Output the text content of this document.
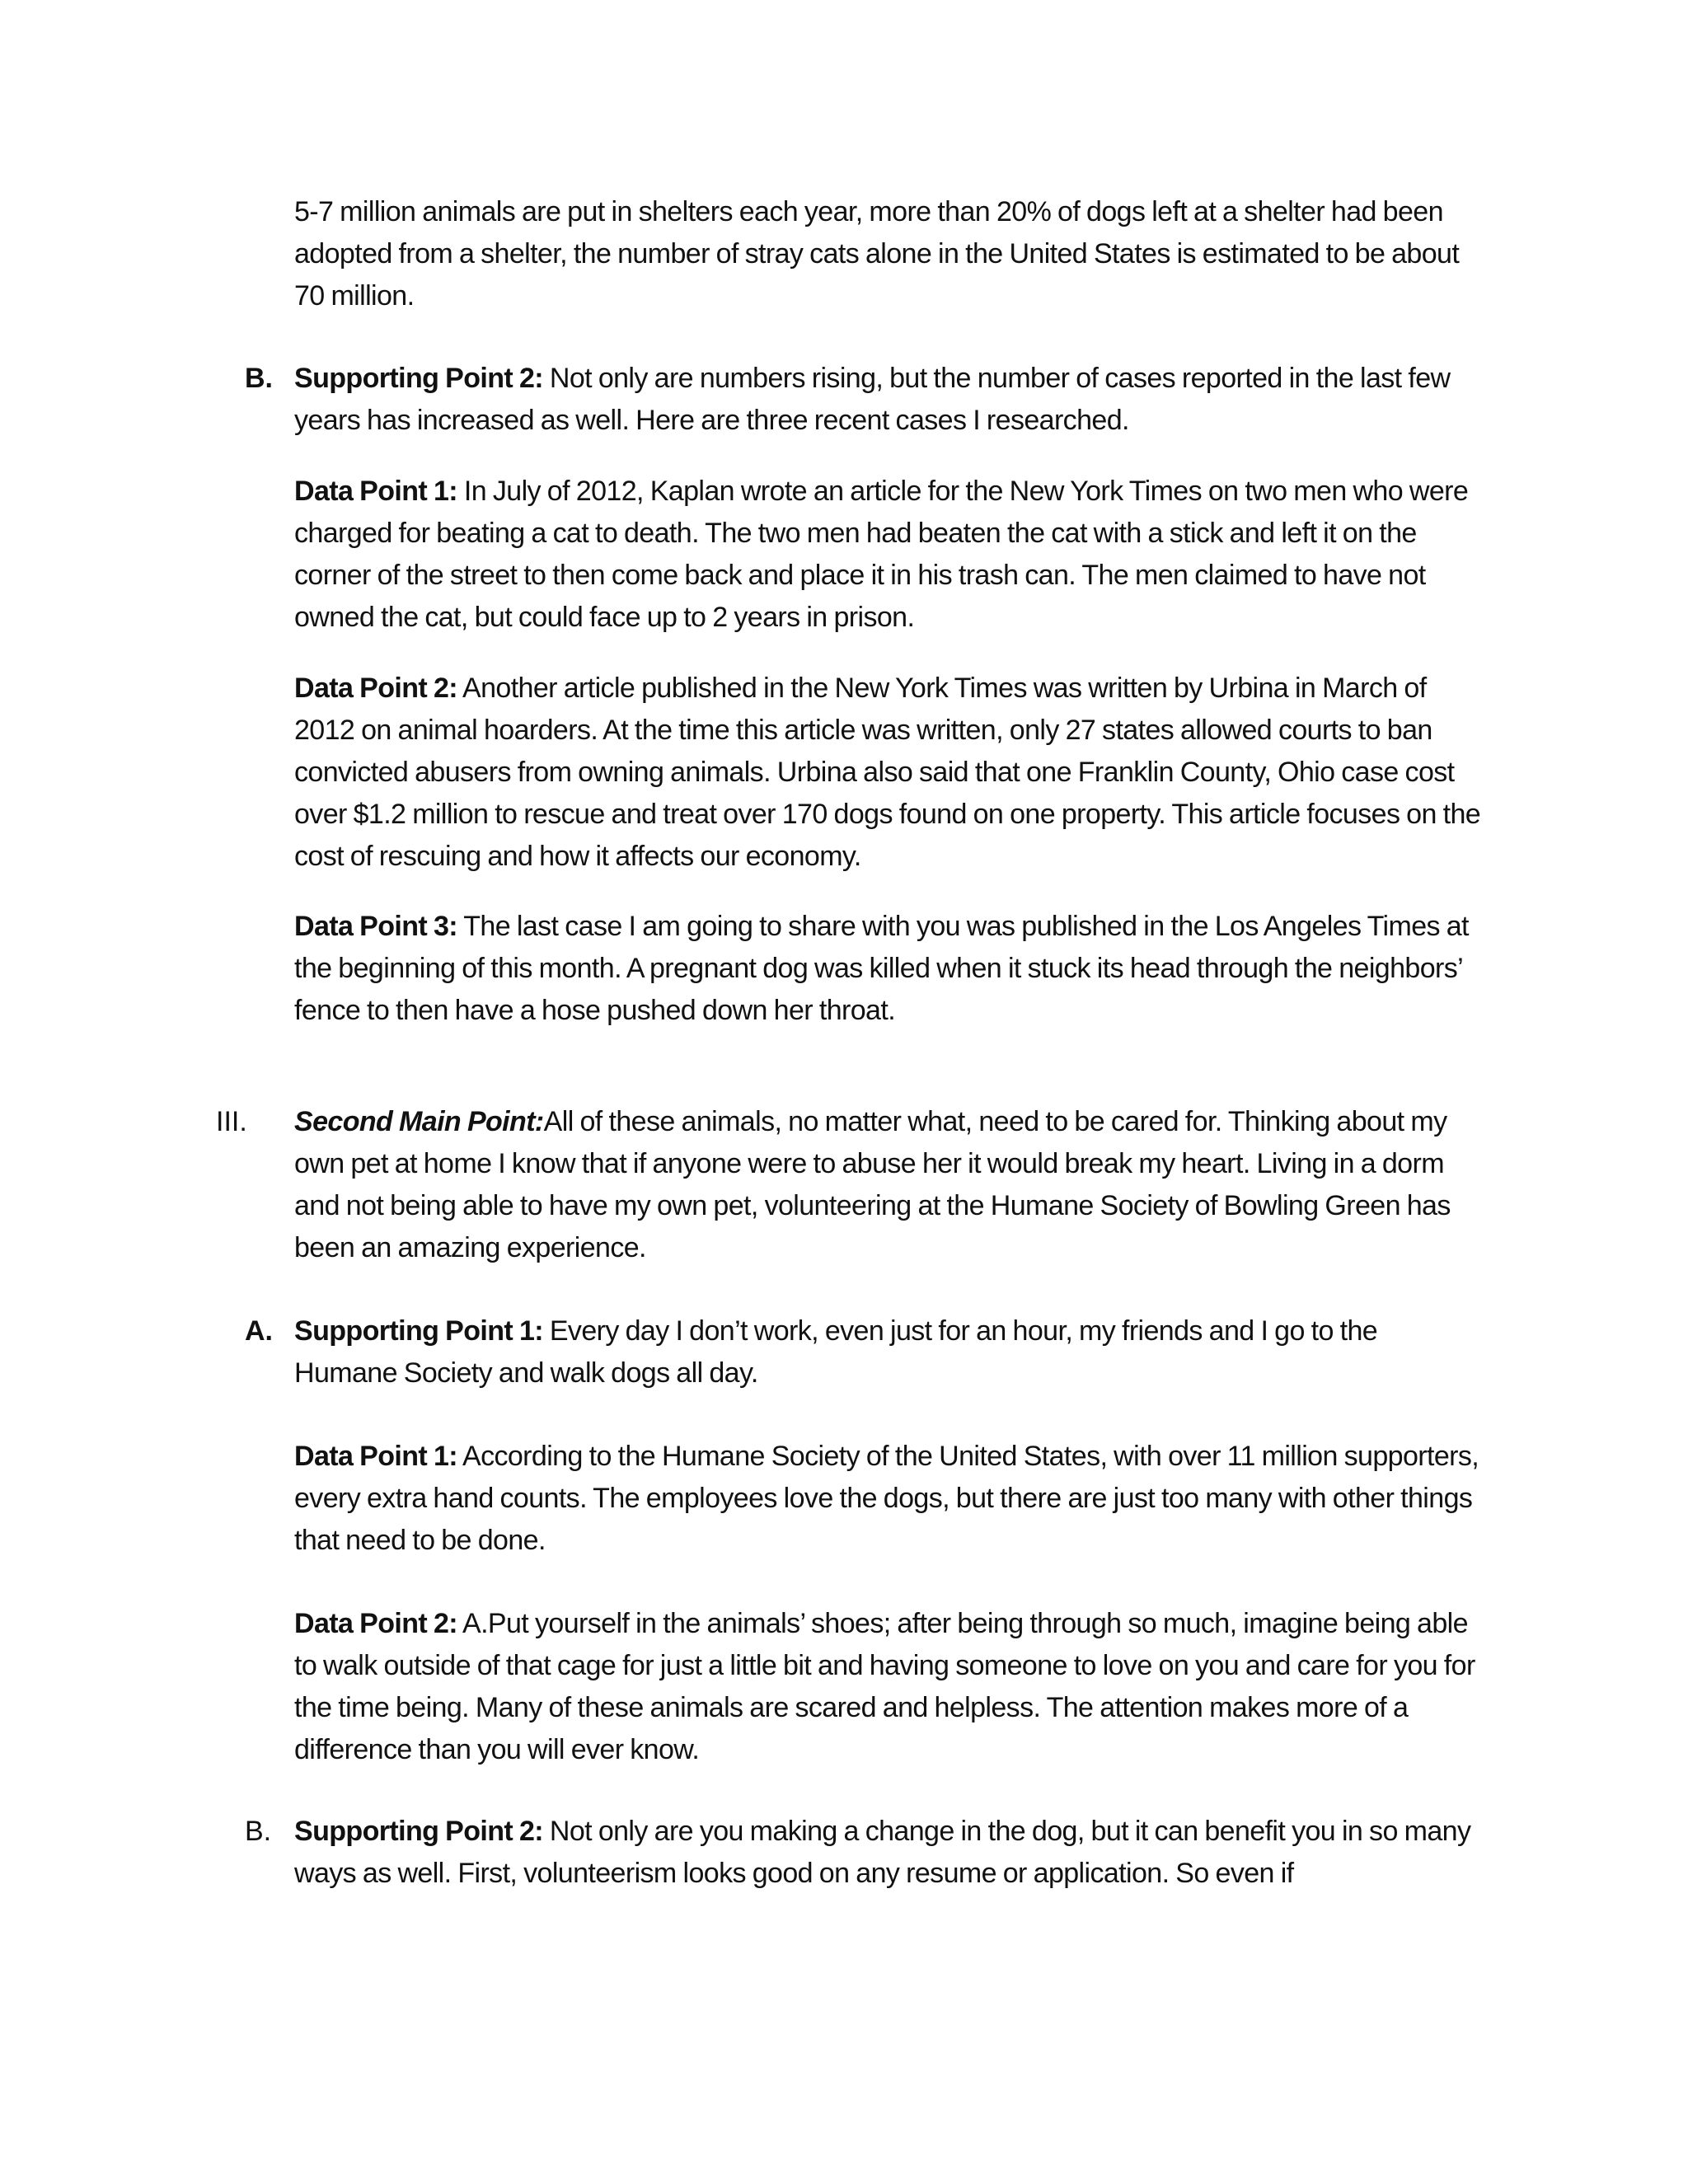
5-7 million animals are put in shelters each year, more than 20% of dogs left at a shelter had been adopted from a shelter, the number of stray cats alone in the United States is estimated to be about 70 million.

B. Supporting Point 2: Not only are numbers rising, but the number of cases reported in the last few years has increased as well. Here are three recent cases I researched.

Data Point 1: In July of 2012, Kaplan wrote an article for the New York Times on two men who were charged for beating a cat to death. The two men had beaten the cat with a stick and left it on the corner of the street to then come back and place it in his trash can. The men claimed to have not owned the cat, but could face up to 2 years in prison.

Data Point 2: Another article published in the New York Times was written by Urbina in March of 2012 on animal hoarders. At the time this article was written, only 27 states allowed courts to ban convicted abusers from owning animals. Urbina also said that one Franklin County, Ohio case cost over $1.2 million to rescue and treat over 170 dogs found on one property. This article focuses on the cost of rescuing and how it affects our economy.

Data Point 3: The last case I am going to share with you was published in the Los Angeles Times at the beginning of this month. A pregnant dog was killed when it stuck its head through the neighbors’ fence to then have a hose pushed down her throat.

III. Second Main Point:All of these animals, no matter what, need to be cared for. Thinking about my own pet at home I know that if anyone were to abuse her it would break my heart. Living in a dorm and not being able to have my own pet, volunteering at the Humane Society of Bowling Green has been an amazing experience.

A. Supporting Point 1: Every day I don’t work, even just for an hour, my friends and I go to the Humane Society and walk dogs all day.

Data Point 1: According to the Humane Society of the United States, with over 11 million supporters, every extra hand counts. The employees love the dogs, but there are just too many with other things that need to be done.

Data Point 2: A.Put yourself in the animals’ shoes; after being through so much, imagine being able to walk outside of that cage for just a little bit and having someone to love on you and care for you for the time being. Many of these animals are scared and helpless. The attention makes more of a difference than you will ever know.

B. Supporting Point 2: Not only are you making a change in the dog, but it can benefit you in so many ways as well. First, volunteerism looks good on any resume or application. So even if
